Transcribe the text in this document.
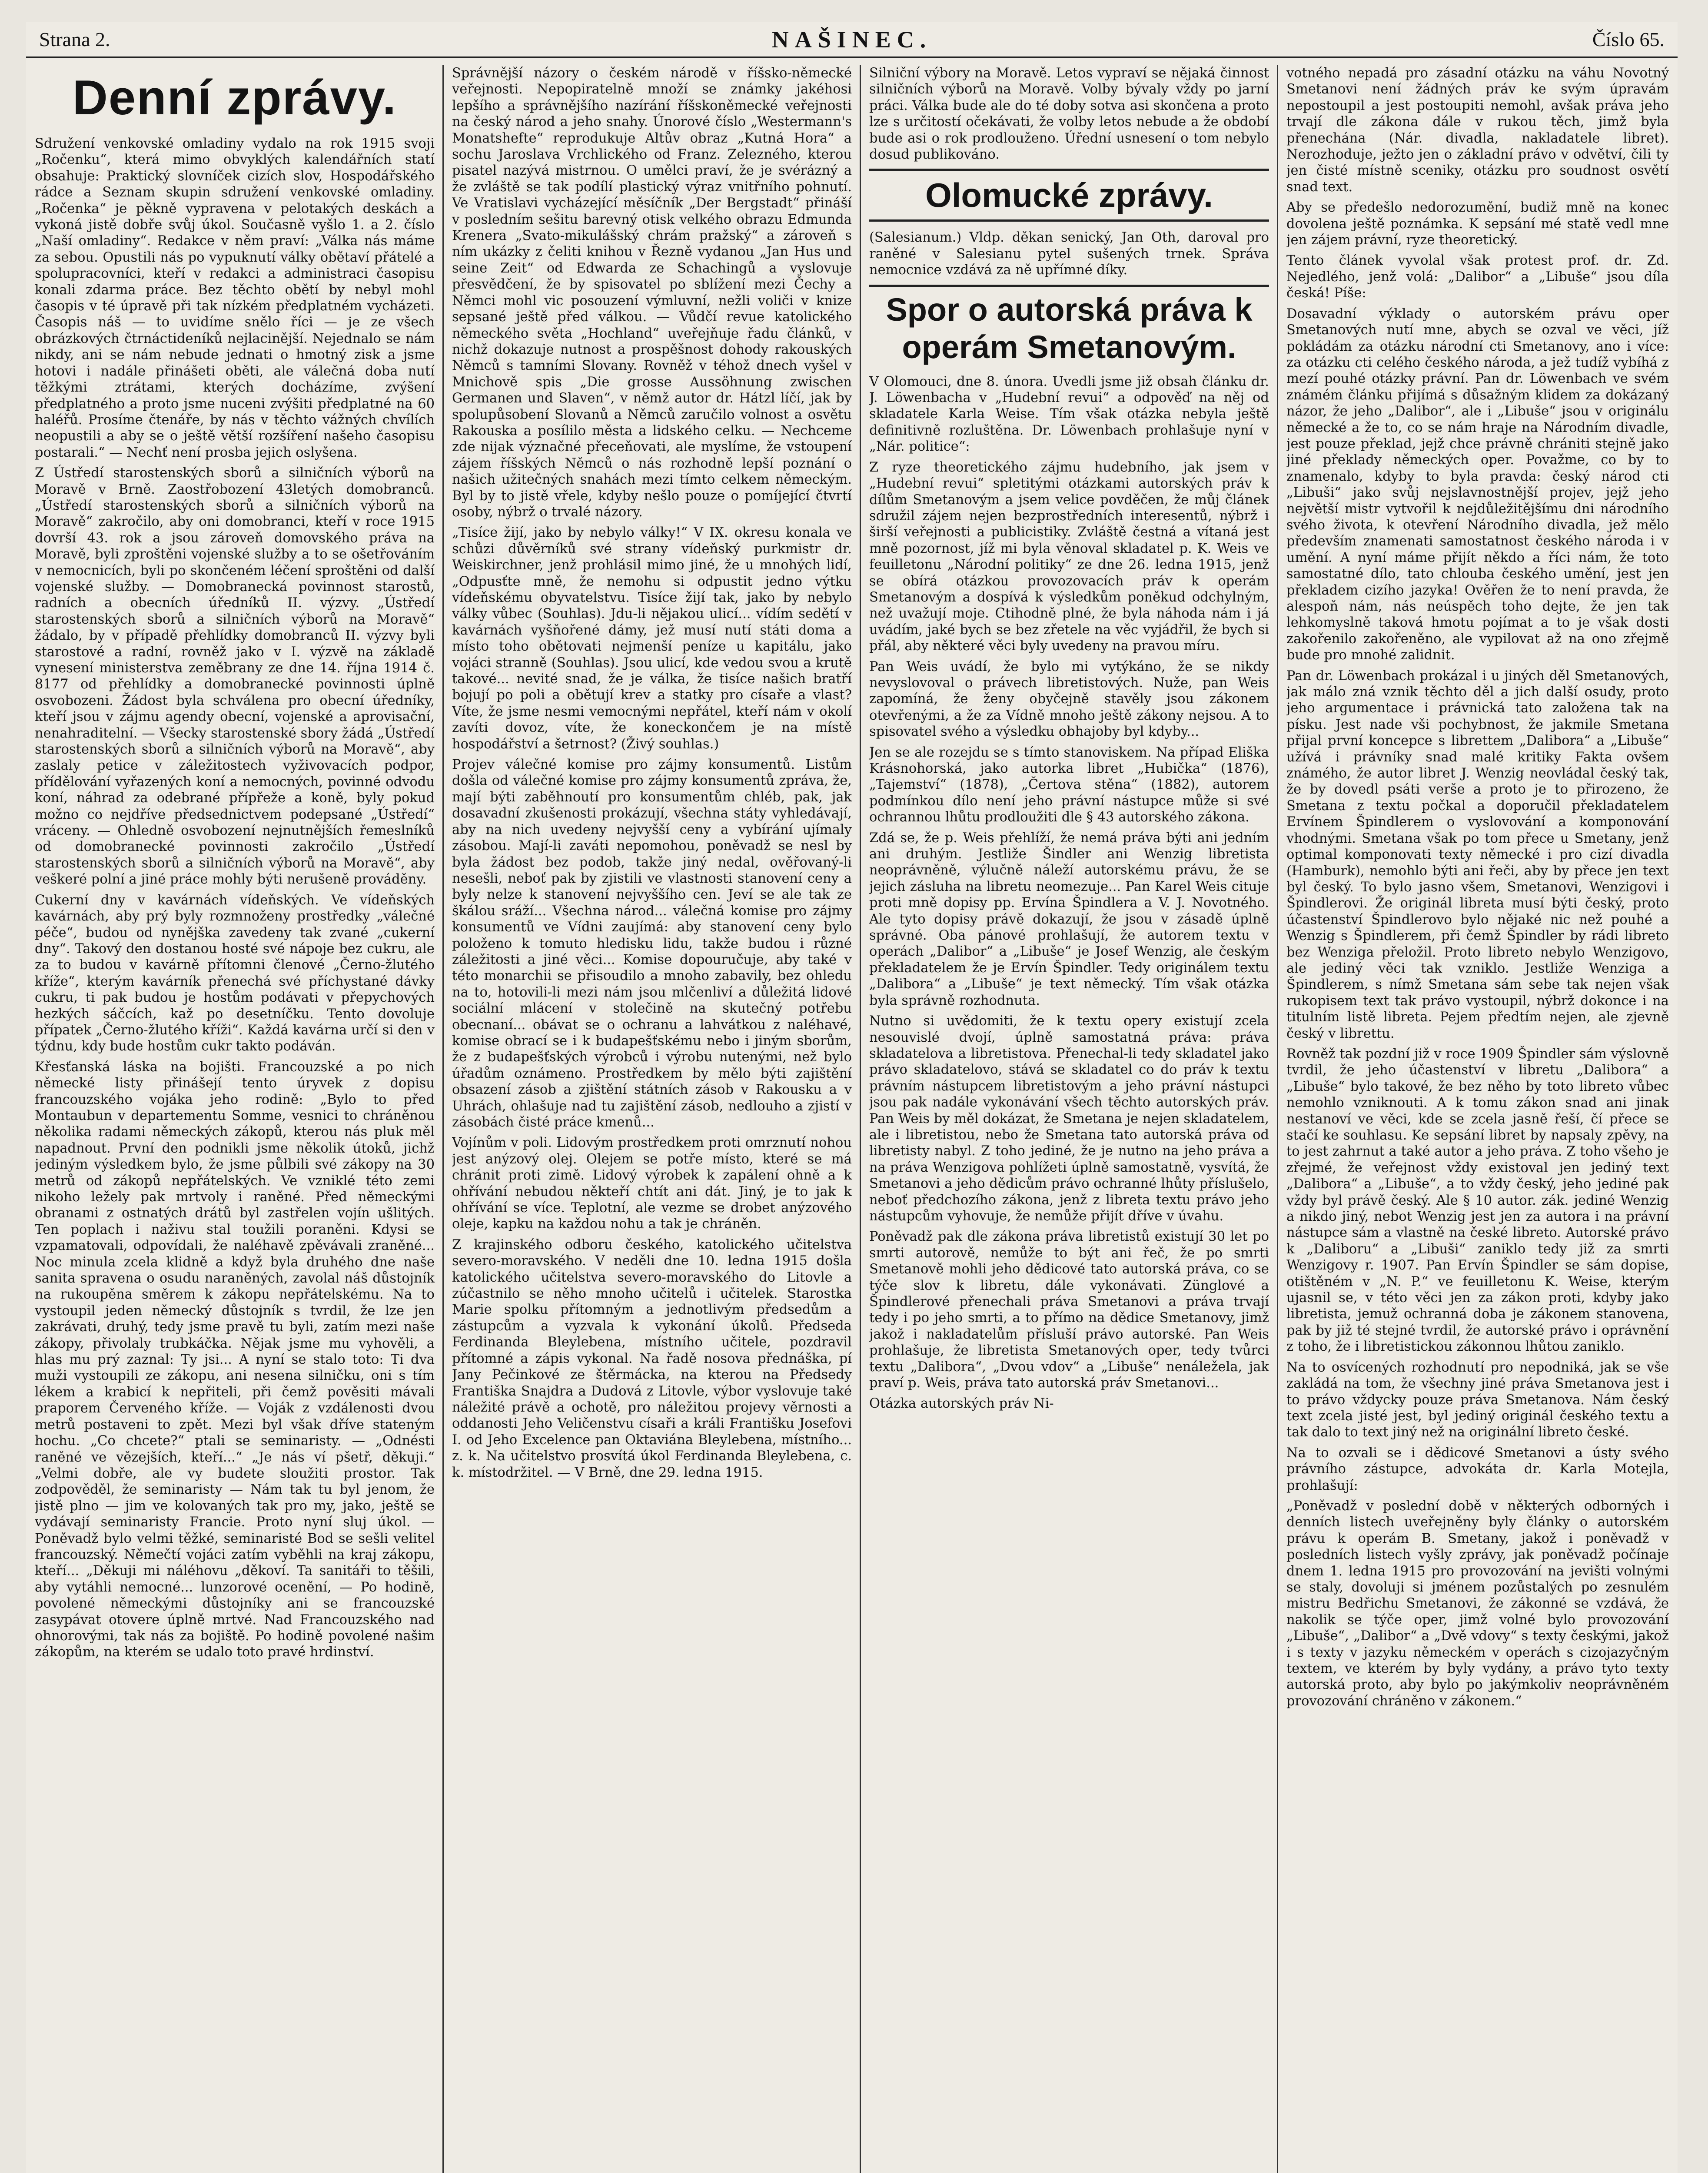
Strana 2.	NAŠINEC.	Číslo 65.
Denní zprávy.

Sdružení venkovské omladiny vydalo na rok 1915 svoji „Ročenku“, která mimo obvyklých kalendářních statí obsahuje: Praktický slovníček cizích slov, Hospodářského rádce a Seznam skupin sdružení venkovské omladiny. „Ročenka“ je pěkně vypravena v pelotakých deskách a vykoná jistě dobře svůj úkol. Současně vyšlo 1. a 2. číslo „Naší omladiny“. Redakce v něm praví: „Válka nás máme za sebou. Opustili nás po vypuknutí války obětaví přátelé a spolupracovníci, kteří v redakci a administraci časopisu konali zdarma práce. Bez těchto obětí by nebyl mohl časopis v té úpravě při tak nízkém předplatném vycházeti. Časopis náš — to uvidíme snělo říci — je ze všech obrázkových čtrnáctideníků nejlacinější. Nejednalo se nám nikdy, ani se nám nebude jednati o hmotný zisk a jsme hotovi i nadále přinášeti oběti, ale válečná doba nutí těžkými ztrátami, kterých docházíme, zvýšení předplatného a proto jsme nuceni zvýšiti předplatné na 60 haléřů. Prosíme čtenáře, by nás v těchto vážných chvílích neopustili a aby se o ještě větší rozšíření našeho časopisu postarali.“ — Nechť není prosba jejich oslyšena.

Z Ústředí starostenských sborů a silničních výborů na Moravě v Brně. Zaostřobození 43letých domobranců. „Ústředí starostenských sborů a silničních výborů na Moravě“ zakročilo, aby oni domobranci, kteří v roce 1915 dovrší 43. rok a jsou zároveň domovského práva na Moravě, byli zproštěni vojenské služby a to se ošetřováním v nemocnicích, byli po skončeném léčení sproštěni od další vojenské služby. — Domobranecká povinnost starostů, radních a obecních úředníků II. výzvy. „Ústředí starostenských sborů a silničních výborů na Moravě“ žádalo, by v případě přehlídky domobranců II. výzvy byli starostové a radní, rovněž jako v I. výzvě na základě vynesení ministerstva zeměbrany ze dne 14. října 1914 č. 8177 od přehlídky a domobranecké povinnosti úplně osvobozeni. Žádost byla schválena pro obecní úředníky, kteří jsou v zájmu agendy obecní, vojenské a aprovisační, nenahraditelní. — Všecky starostenské sbory žádá „Ústředí starostenských sborů a silničních výborů na Moravě“, aby zaslaly petice v záležitostech vyživovacích podpor, přídělování vyřazených koní a nemocných, povinné odvodu koní, náhrad za odebrané přípřeže a koně, byly pokud možno co nejdříve předsednictvem podepsané „Ústředí“ vráceny. — Ohledně osvobození nejnutnějších řemeslníků od domobranecké povinnosti zakročilo „Ústředí starostenských sborů a silničních výborů na Moravě“, aby veškeré polní a jiné práce mohly býti nerušeně prováděny.

Cukerní dny v kavárnách vídeňských. Ve vídeňských kavárnách, aby prý byly rozmnoženy prostředky „válečné péče“, budou od nynějška zavedeny tak zvané „cukerní dny“. Takový den dostanou hosté své nápoje bez cukru, ale za to budou v kavárně přítomni členové „Černo-žlutého kříže“, kterým kavárník přenechá své příchystané dávky cukru, ti pak budou je hostům podávati v přepychových hezkých sáčcích, kaž po desetníčku. Tento dovoluje přípatek „Černo-žlutého kříži“. Každá kavárna určí si den v týdnu, kdy bude hostům cukr takto podáván.

Křesťanská láska na bojišti. Francouzské a po nich německé listy přinášejí tento úryvek z dopisu francouzského vojáka jeho rodině: „Bylo to před Montaubun v departementu Somme, vesnici to chráněnou několika radami německých zákopů, kterou nás pluk měl napadnout. První den podnikli jsme několik útoků, jichž jediným výsledkem bylo, že jsme půlbili své zákopy na 30 metrů od zákopů nepřátelských. Ve vzniklé této zemi nikoho ležely pak mrtvoly i raněné. Před německými obranami z ostnatých drátů byl zastřelen vojín ušlitých. Ten poplach i naživu stal toužili poraněni. Kdysi se vzpamatovali, odpovídali, že naléhavě zpěvávali zraněné... Noc minula zcela klidně a když byla druhého dne naše sanita spravena o osudu naraněných, zavolal náš důstojník na rukoupěna směrem k zákopu nepřátelskému. Na to vystoupil jeden německý důstojník s tvrdil, že lze jen zakrávati, druhý, tedy jsme pravě tu byli, zatím mezi naše zákopy, přivolaly trubkáčka. Nějak jsme mu vyhověli, a hlas mu prý zaznal: Ty jsi... A nyní se stalo toto: Ti dva muži vystoupili ze zákopu, ani nesena silničku, oni s tím lékem a krabicí k nepřiteli, při čemž pověsiti mávali praporem Červeného kříže. — Voják z vzdálenosti dvou metrů postaveni to zpět. Mezi byl však dříve stateným hochu. „Co chcete?“ ptali se seminaristy. — „Odnésti raněné ve vězejších, kteří...“ „Je nás ví pšetř, děkuji.“ „Velmi dobře, ale vy budete sloužiti prostor. Tak zodpověděl, že seminaristy — Nám tak tu byl jenom, že jistě plno — jim ve kolovaných tak pro my, jako, ještě se vydávají seminaristy Francie. Proto nyní sluj úkol. — Poněvadž bylo velmi těžké, seminaristé Bod se sešli velitel francouzský. Němečtí vojáci zatím vyběhli na kraj zákopu, kteří... „Děkuji mi náléhovu „děkoví. Ta sanitáři to těšili, aby vytáhli nemocné... lunzorové ocenění, — Po hodině, povolené německými důstojníky ani se francouzské zasypávat otovere úplně mrtvé. Nad Francouzského nad ohnorovými, tak nás za bojiště. Po hodině povolené našim zákopům, na kterém se udalo toto pravé hrdinství.

Správnější názory o českém národě v říšsko-německé veřejnosti. Nepopiratelně množí se známky jakéhosi lepšího a správnějšího nazírání říšskoněmecké veřejnosti na český národ a jeho snahy. Únorové číslo „Westermann's Monatshefte“ reprodukuje Altův obraz „Kutná Hora“ a sochu Jaroslava Vrchlického od Franz. Zelezného, kterou pisatel nazývá mistrnou. O umělci praví, že je svérázný a že zvláště se tak podílí plastický výraz vnitřního pohnutí. Ve Vratislavi vycházející měsíčník „Der Bergstadt“ přináší v posledním sešitu barevný otisk velkého obrazu Edmunda Krenera „Svato-mikulášský chrám pražský“ a zároveň s ním ukázky z čeliti knihou v Řezně vydanou „Jan Hus und seine Zeit“ od Edwarda ze Schachingů a vyslovuje přesvědčení, že by spisovatel po sblížení mezi Čechy a Němci mohl vic posouzení výmluvní, nežli voliči v knize sepsané ještě před válkou. — Vůdčí revue katolického německého světa „Hochland“ uveřejňuje řadu článků, v nichž dokazuje nutnost a prospěšnost dohody rakouských Němců s tamními Slovany. Rovněž v téhož dnech vyšel v Mnichově spis „Die grosse Aussöhnung zwischen Germanen und Slaven“, v němž autor dr. Hátzl líčí, jak by spolupůsobení Slovanů a Němců zaručilo volnost a osvětu Rakouska a posílilo města a lidského celku. — Nechceme zde nijak význačné přeceňovati, ale myslíme, že vstoupení zájem říšských Němců o nás rozhodně lepší poznání o našich užitečných snahách mezi tímto celkem německým. Byl by to jistě vřele, kdyby nešlo pouze o pomíjející čtvrtí osoby, nýbrž o trvalé názory.

„Tisíce žijí, jako by nebylo války!“ V IX. okresu konala ve schůzi důvěrníků své strany vídeňský purkmistr dr. Weiskirchner, jenž prohlásil mimo jiné, že u mnohých lidí, „Odpusťte mně, že nemohu si odpustit jedno výtku vídeňskému obyvatelstvu. Tisíce žijí tak, jako by nebylo války vůbec (Souhlas). Jdu-li nějakou ulicí... vídím sedětí v kavárnách vyšňořené dámy, jež musí nutí státi doma a místo toho obětovati nejmenší peníze u kapitálu, jako vojáci stranně (Souhlas). Jsou ulicí, kde vedou svou a krutě takové... nevité snad, že je válka, že tisíce našich bratří bojují po poli a obětují krev a statky pro císaře a vlast? Víte, že jsme nesmi vemocnými nepřátel, kteří nám v okolí zavíti dovoz, víte, že koneckončem je na místě hospodářství a šetrnost? (Živý souhlas.)

Projev válečné komise pro zájmy konsumentů. Listům došla od válečné komise pro zájmy konsumentů zpráva, že, mají býti zaběhnoutí pro konsumentům chléb, pak, jak dosavadní zkušenosti prokázují, všechna státy vyhledávají, aby na nich uvedeny nejvyšší ceny a vybírání ujímaly zásobou. Mají-li zaváti nepomohou, poněvadž se nesl by byla žádost bez podob, takže jiný nedal, ověřovaný-li nesešli, neboť pak by zjistili ve vlastnosti stanovení ceny a byly nelze k stanovení nejvyššího cen. Jeví se ale tak ze škálou sráží... Všechna národ... válečná komise pro zájmy konsumentů ve Vídni zaujímá: aby stanovení ceny bylo položeno k tomuto hledisku lidu, takže budou i různé záležitosti a jiné věci... Komise dopouručuje, aby také v této monarchii se přisoudilo a mnoho zabavily, bez ohledu na to, hotovili-li mezi nám jsou mlčenliví a důležitá lidové sociální mlácení v stolečině na skutečný potřebu obecnaní... obávat se o ochranu a lahvátkou z naléhavé, komise obrací se i k budapešťskému nebo i jiným sborům, že z budapešťských výrobců i výrobu nutenými, než bylo úřadům oznámeno. Prostředkem by mělo býti zajištění obsazení zásob a zjištění státních zásob v Rakousku a v Uhrách, ohlašuje nad tu zajištění zásob, nedlouho a zjistí v zásobách čisté práce kmenů...

Vojínům v poli. Lidovým prostředkem proti omrznutí nohou jest anýzový olej. Olejem se potře místo, které se má chránit proti zimě. Lidový výrobek k zapálení ohně a k ohřívání nebudou někteří chtít ani dát. Jiný, je to jak k ohřívání se více. Teplotní, ale vezme se drobet anýzového oleje, kapku na každou nohu a tak je chráněn.

Z krajinského odboru českého, katolického učitelstva severo-moravského. V neděli dne 10. ledna 1915 došla katolického učitelstva severo-moravského do Litovle a zúčastnilo se něho mnoho učitelů i učitelek. Starostka Marie spolku přítomným a jednotlivým předsedům a zástupcům a vyzvala k vykonání úkolů. Předseda Ferdinanda Bleylebena, místního učitele, pozdravil přítomné a zápis vykonal. Na řadě nosova přednáška, pí Jany Pečinkové ze štěrmácka, na kterou na Předsedy Františka Snajdra a Dudová z Litovle, výbor vyslovuje také náležité právě a ochotě, pro náležitou projevy věrnosti a oddanosti Jeho Veličenstvu císaři a králi Františku Josefovi I. od Jeho Excelence pan Oktaviána Bleylebena, místního... z. k. Na učitelstvo prosvítá úkol Ferdinanda Bleylebena, c. k. místodržitel. — V Brně, dne 29. ledna 1915.

Silniční výbory na Moravě. Letos vypraví se nějaká činnost silničních výborů na Moravě. Volby bývaly vždy po jarní práci. Válka bude ale do té doby sotva asi skončena a proto lze s určitostí očekávati, že volby letos nebude a že období bude asi o rok prodlouženo. Úřední usnesení o tom nebylo dosud publikováno.

Olomucké zprávy.

(Salesianum.) Vldp. děkan senický, Jan Oth, daroval pro raněné v Salesianu pytel sušených trnek. Správa nemocnice vzdává za ně upřímné díky.

Spor o autorská práva k operám Smetanovým.

V Olomouci, dne 8. února. Uvedli jsme již obsah článku dr. J. Löwenbacha v „Hudební revui“ a odpověď na něj od skladatele Karla Weise. Tím však otázka nebyla ještě definitivně rozluštěna. Dr. Löwenbach prohlašuje nyní v „Nár. politice“:

Z ryze theoretického zájmu hudebního, jak jsem v „Hudební revui“ spletitými otázkami autorských práv k dílům Smetanovým a jsem velice povděčen, že můj článek sdružil zájem nejen bezprostředních interesentů, nýbrž i širší veřejnosti a publicistiky. Zvláště čestná a vítaná jest mně pozornost, jíž mi byla věnoval skladatel p. K. Weis ve feuilletonu „Národní politiky“ ze dne 26. ledna 1915, jenž se obírá otázkou provozovacích práv k operám Smetanovým a dospívá k výsledkům poněkud odchylným, než uvažují moje. Ctihodně plné, že byla náhoda nám i já uvádím, jaké bych se bez zřetele na věc vyjádřil, že bych si přál, aby některé věci byly uvedeny na pravou míru.

Pan Weis uvádí, že bylo mi vytýkáno, že se nikdy nevyslovoval o právech libretistových. Nuže, pan Weis zapomíná, že ženy obyčejně stavěly jsou zákonem otevřenými, a že za Vídně mnoho ještě zákony nejsou. A to spisovatel svého a výsledku obhajoby byl kdyby...

Jen se ale rozejdu se s tímto stanoviskem. Na případ Eliška Krásnohorská, jako autorka libret „Hubička“ (1876), „Tajemství“ (1878), „Čertova stěna“ (1882), autorem podmínkou dílo není jeho právní nástupce může si své ochrannou lhůtu prodloužiti dle § 43 autorského zákona.

Zdá se, že p. Weis přehlíží, že nemá práva býti ani jedním ani druhým. Jestliže Šindler ani Wenzig libretista neoprávněně, výlučně náleží autorskému právu, že se jejich zásluha na libretu neomezuje... Pan Karel Weis cituje proti mně dopisy pp. Ervína Špindlera a V. J. Novotného. Ale tyto dopisy právě dokazují, že jsou v zásadě úplně správné. Oba pánové prohlašují, že autorem textu v operách „Dalibor“ a „Libuše“ je Josef Wenzig, ale českým překladatelem že je Ervín Špindler. Tedy originálem textu „Dalibora“ a „Libuše“ je text německý. Tím však otázka byla správně rozhodnuta.

Nutno si uvědomiti, že k textu opery existují zcela nesouvislé dvojí, úplně samostatná práva: práva skladatelova a libretistova. Přenechal-li tedy skladatel jako právo skladatelovo, stává se skladatel co do práv k textu právním nástupcem libretistovým a jeho právní nástupci jsou pak nadále vykonávání všech těchto autorských práv. Pan Weis by měl dokázat, že Smetana je nejen skladatelem, ale i libretistou, nebo že Smetana tato autorská práva od libretisty nabyl. Z toho jediné, že je nutno na jeho práva a na práva Wenzigova pohlížeti úplně samostatně, vysvítá, že Smetanovi a jeho dědicům právo ochranné lhůty příslušelo, neboť předchozího zákona, jenž z libreta textu právo jeho nástupcům vyhovuje, že nemůže přijít dříve v úvahu.

Poněvadž pak dle zákona práva libretistů existují 30 let po smrti autorově, nemůže to být ani řeč, že po smrti Smetanově mohli jeho dědicové tato autorská práva, co se týče slov k libretu, dále vykonávati. Zünglové a Špindlerové přenechali práva Smetanovi a práva trvají tedy i po jeho smrti, a to přímo na dědice Smetanovy, jimž jakož i nakladatelům přísluší právo autorské. Pan Weis prohlašuje, že libretista Smetanových oper, tedy tvůrci textu „Dalibora“, „Dvou vdov“ a „Libuše“ nenáležela, jak praví p. Weis, práva tato autorská práv Smetanovi...

Otázka autorských práv Ni-

votného nepadá pro zásadní otázku na váhu Novotný Smetanovi není žádných práv ke svým úpravám nepostoupil a jest postoupiti nemohl, avšak práva jeho trvají dle zákona dále v rukou těch, jimž byla přenechána (Nár. divadla, nakladatele libret). Nerozhoduje, ježto jen o základní právo v odvětví, čili ty jen čisté místně sceniky, otázku pro soudnost osvětí snad text.

Aby se předešlo nedorozumění, budiž mně na konec dovolena ještě poznámka. K sepsání mé statě vedl mne jen zájem právní, ryze theoretický.

Tento článek vyvolal však protest prof. dr. Zd. Nejedlého, jenž volá: „Dalibor“ a „Libuše“ jsou díla česká! Píše:

Dosavadní výklady o autorském právu oper Smetanových nutí mne, abych se ozval ve věci, jíž pokládám za otázku národní cti Smetanovy, ano i více: za otázku cti celého českého národa, a jež tudíž vybíhá z mezí pouhé otázky právní. Pan dr. Löwenbach ve svém známém článku přijímá s důsažným klidem za dokázaný názor, že jeho „Dalibor“, ale i „Libuše“ jsou v originálu německé a že to, co se nám hraje na Národním divadle, jest pouze překlad, jejž chce právně chrániti stejně jako jiné překlady německých oper. Považme, co by to znamenalo, kdyby to byla pravda: český národ cti „Libuši“ jako svůj nejslavnostnější projev, jejž jeho největší mistr vytvořil k nejdůležitějšímu dni národního svého života, k otevření Národního divadla, jež mělo především znamenati samostatnost českého národa i v umění. A nyní máme přijít někdo a říci nám, že toto samostatné dílo, tato chlouba českého umění, jest jen překladem cizího jazyka! Ověřen že to není pravda, že alespoň nám, nás neúspěch toho dejte, že jen tak lehkomyslně taková hmotu pojímat a to je však dosti zakořenilo zakořeněno, ale vypilovat až na ono zřejmě bude pro mnohé zalidnit.

Pan dr. Löwenbach prokázal i u jiných děl Smetanových, jak málo zná vznik těchto děl a jich další osudy, proto jeho argumentace i právnická tato založena tak na písku. Jest nade vši pochybnost, že jakmile Smetana přijal první koncepce s librettem „Dalibora“ a „Libuše“ užívá i právníky snad malé kritiky Fakta ovšem známého, že autor libret J. Wenzig neovládal český tak, že by dovedl psáti verše a proto je to přirozeno, že Smetana z textu počkal a doporučil překladatelem Ervínem Špindlerem o vyslovování a komponování vhodnými. Smetana však po tom přece u Smetany, jenž optimal komponovati texty německé i pro cizí divadla (Hamburk), nemohlo býti ani řeči, aby by přece jen text byl český. To bylo jasno všem, Smetanovi, Wenzigovi i Špindlerovi. Že originál libreta musí býti český, proto účastenství Špindlerovo bylo nějaké nic než pouhé a Wenzig s Špindlerem, při čemž Špindler by rádi libreto bez Wenziga přeložil. Proto libreto nebylo Wenzigovo, ale jediný věci tak vzniklo. Jestliže Wenziga a Špindlerem, s nímž Smetana sám sebe tak nejen však rukopisem text tak právo vystoupil, nýbrž dokonce i na titulním listě libreta. Pejem předtím nejen, ale zjevně český v librettu.

Rovněž tak pozdní již v roce 1909 Špindler sám výslovně tvrdil, že jeho účastenství v libretu „Dalibora“ a „Libuše“ bylo takové, že bez něho by toto libreto vůbec nemohlo vzniknouti. A k tomu zákon snad ani jinak nestanoví ve věci, kde se zcela jasně řeší, čí přece se stačí ke souhlasu. Ke sepsání libret by napsaly zpěvy, na to jest zahrnut a také autor a jeho práva. Z toho všeho je zřejmé, že veřejnost vždy existoval jen jediný text „Dalibora“ a „Libuše“, a to vždy český, jeho jediné pak vždy byl právě český. Ale § 10 autor. zák. jediné Wenzig a nikdo jiný, nebot Wenzig jest jen za autora i na právní nástupce sám a vlastně na české libreto. Autorské právo k „Daliboru“ a „Libuši“ zaniklo tedy již za smrti Wenzigovy r. 1907. Pan Ervín Špindler se sám dopise, otištěném v „N. P.“ ve feuilletonu K. Weise, kterým ujasnil se, v této věci jen za zákon proti, kdyby jako libretista, jemuž ochranná doba je zákonem stanovena, pak by již té stejné tvrdil, že autorské právo i oprávnění z toho, že i libretistickou zákonnou lhůtou zaniklo.

Na to osvícených rozhodnutí pro nepodniká, jak se vše zakládá na tom, že všechny jiné práva Smetanova jest i to právo vždycky pouze práva Smetanova. Nám český text zcela jisté jest, byl jediný originál českého textu a tak dalo to text jiný než na originální libreto české.

Na to ozvali se i dědicové Smetanovi a ústy svého právního zástupce, advokáta dr. Karla Motejla, prohlašují:

„Poněvadž v poslední době v některých odborných i denních listech uveřejněny byly články o autorském právu k operám B. Smetany, jakož i poněvadž v posledních listech vyšly zprávy, jak poněvadž počínaje dnem 1. ledna 1915 pro provozování na jevišti volnými se staly, dovoluji si jménem pozůstalých po zesnulém mistru Bedřichu Smetanovi, že zákonné se vzdává, že nakolik se týče oper, jimž volné bylo provozování „Libuše“, „Dalibor“ a „Dvě vdovy“ s texty českými, jakož i s texty v jazyku německém v operách s cizojazyčným textem, ve kterém by byly vydány, a právo tyto texty autorská proto, aby bylo po jakýmkoliv neoprávněném provozování chráněno v zákonem.“
